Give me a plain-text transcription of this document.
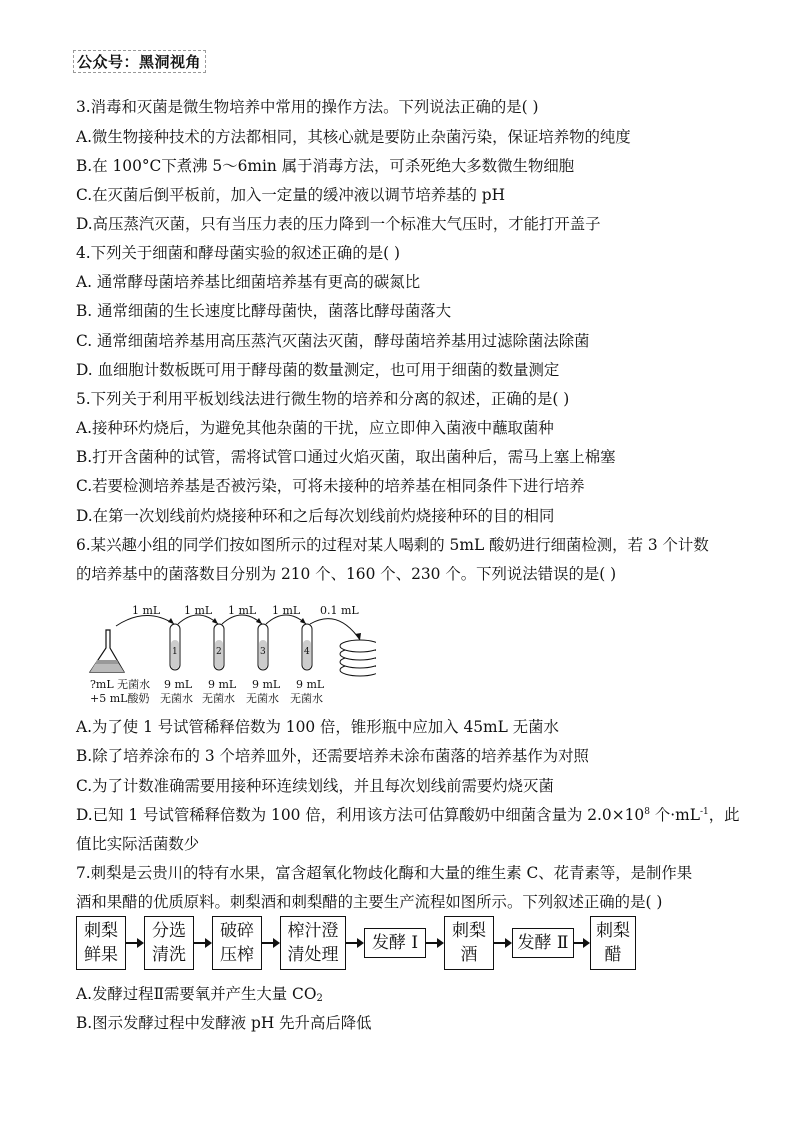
公众号：黑洞视角
3.消毒和灭菌是微生物培养中常用的操作方法。下列说法正确的是( )
A.微生物接种技术的方法都相同，其核心就是要防止杂菌污染，保证培养物的纯度
B.在 100°C下煮沸 5～6min 属于消毒方法，可杀死绝大多数微生物细胞
C.在灭菌后倒平板前，加入一定量的缓冲液以调节培养基的 pH
D.高压蒸汽灭菌，只有当压力表的压力降到一个标准大气压时，才能打开盖子
4.下列关于细菌和酵母菌实验的叙述正确的是( )
A. 通常酵母菌培养基比细菌培养基有更高的碳氮比
B. 通常细菌的生长速度比酵母菌快，菌落比酵母菌落大
C. 通常细菌培养基用高压蒸汽灭菌法灭菌，酵母菌培养基用过滤除菌法除菌
D. 血细胞计数板既可用于酵母菌的数量测定，也可用于细菌的数量测定
5.下列关于利用平板划线法进行微生物的培养和分离的叙述，正确的是( )
A.接种环灼烧后，为避免其他杂菌的干扰，应立即伸入菌液中蘸取菌种
B.打开含菌种的试管，需将试管口通过火焰灭菌，取出菌种后，需马上塞上棉塞
C.若要检测培养基是否被污染，可将未接种的培养基在相同条件下进行培养
D.在第一次划线前灼烧接种环和之后每次划线前灼烧接种环的目的相同
6.某兴趣小组的同学们按如图所示的过程对某人喝剩的 5mL 酸奶进行细菌检测，若 3 个计数
的培养基中的菌落数目分别为 210 个、160 个、230 个。下列说法错误的是( )
1 mL 1 mL 1 mL 1 mL 0.1 mL
1	2	3	4
?mL 无菌水
+5 mL酸奶
9 mL
无菌水
9 mL
无菌水
9 mL
无菌水
9 mL
无菌水
A.为了使 1 号试管稀释倍数为 100 倍，锥形瓶中应加入 45mL 无菌水
B.除了培养涂布的 3 个培养皿外，还需要培养未涂布菌落的培养基作为对照
C.为了计数准确需要用接种环连续划线，并且每次划线前需要灼烧灭菌
D.已知 1 号试管稀释倍数为 100 倍，利用该方法可估算酸奶中细菌含量为 $2.0\times 10^8$ 个$\cdot mL^{-1}$，此
值比实际活菌数少
7.刺梨是云贵川的特有水果，富含超氧化物歧化酶和大量的维生素 C、花青素等，是制作果
酒和果醋的优质原料。刺梨酒和刺梨醋的主要生产流程如图所示。下列叙述正确的是( )
刺梨
鲜果
分选
清洗
破碎
压榨
榨汁澄
清处理
发酵 Ⅰ
刺梨
酒
发酵 Ⅱ
刺梨
醋
A.发酵过程Ⅱ需要氧并产生大量 $CO_2$
B.图示发酵过程中发酵液 pH 先升高后降低
